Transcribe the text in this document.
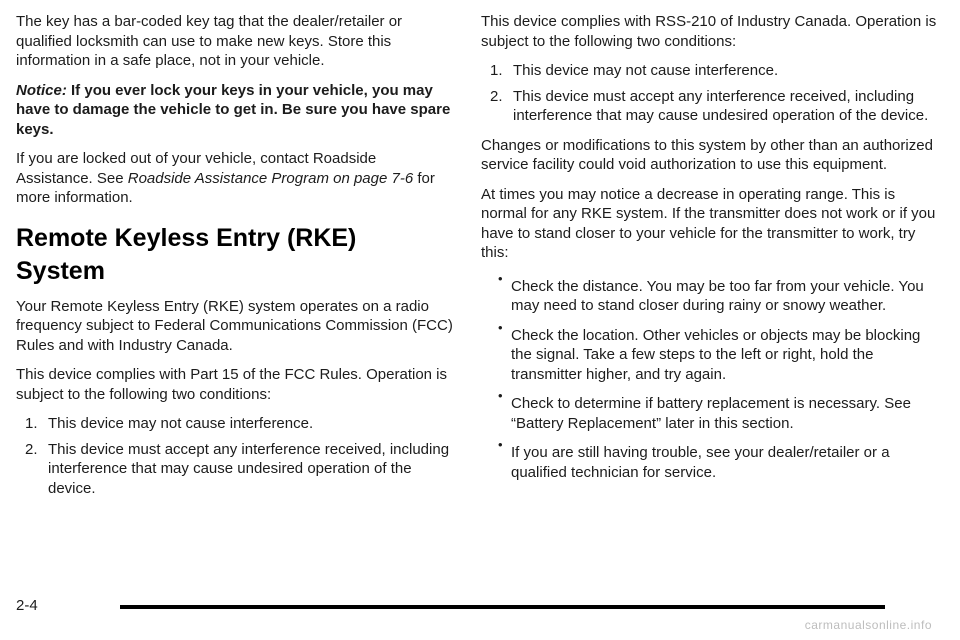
The key has a bar-coded key tag that the dealer/retailer or qualified locksmith can use to make new keys. Store this information in a safe place, not in your vehicle.

Notice: If you ever lock your keys in your vehicle, you may have to damage the vehicle to get in. Be sure you have spare keys.

If you are locked out of your vehicle, contact Roadside Assistance. See Roadside Assistance Program on page 7-6 for more information.

Remote Keyless Entry (RKE)
System

Your Remote Keyless Entry (RKE) system operates on a radio frequency subject to Federal Communications Commission (FCC) Rules and with Industry Canada.

This device complies with Part 15 of the FCC Rules. Operation is subject to the following two conditions:

1. This device may not cause interference.
2. This device must accept any interference received, including interference that may cause undesired operation of the device.

This device complies with RSS-210 of Industry Canada. Operation is subject to the following two conditions:

1. This device may not cause interference.
2. This device must accept any interference received, including interference that may cause undesired operation of the device.

Changes or modifications to this system by other than an authorized service facility could void authorization to use this equipment.

At times you may notice a decrease in operating range. This is normal for any RKE system. If the transmitter does not work or if you have to stand closer to your vehicle for the transmitter to work, try this:

• Check the distance. You may be too far from your vehicle. You may need to stand closer during rainy or snowy weather.
• Check the location. Other vehicles or objects may be blocking the signal. Take a few steps to the left or right, hold the transmitter higher, and try again.
• Check to determine if battery replacement is necessary. See “Battery Replacement” later in this section.
• If you are still having trouble, see your dealer/retailer or a qualified technician for service.
2-4
carmanualsonline.info
